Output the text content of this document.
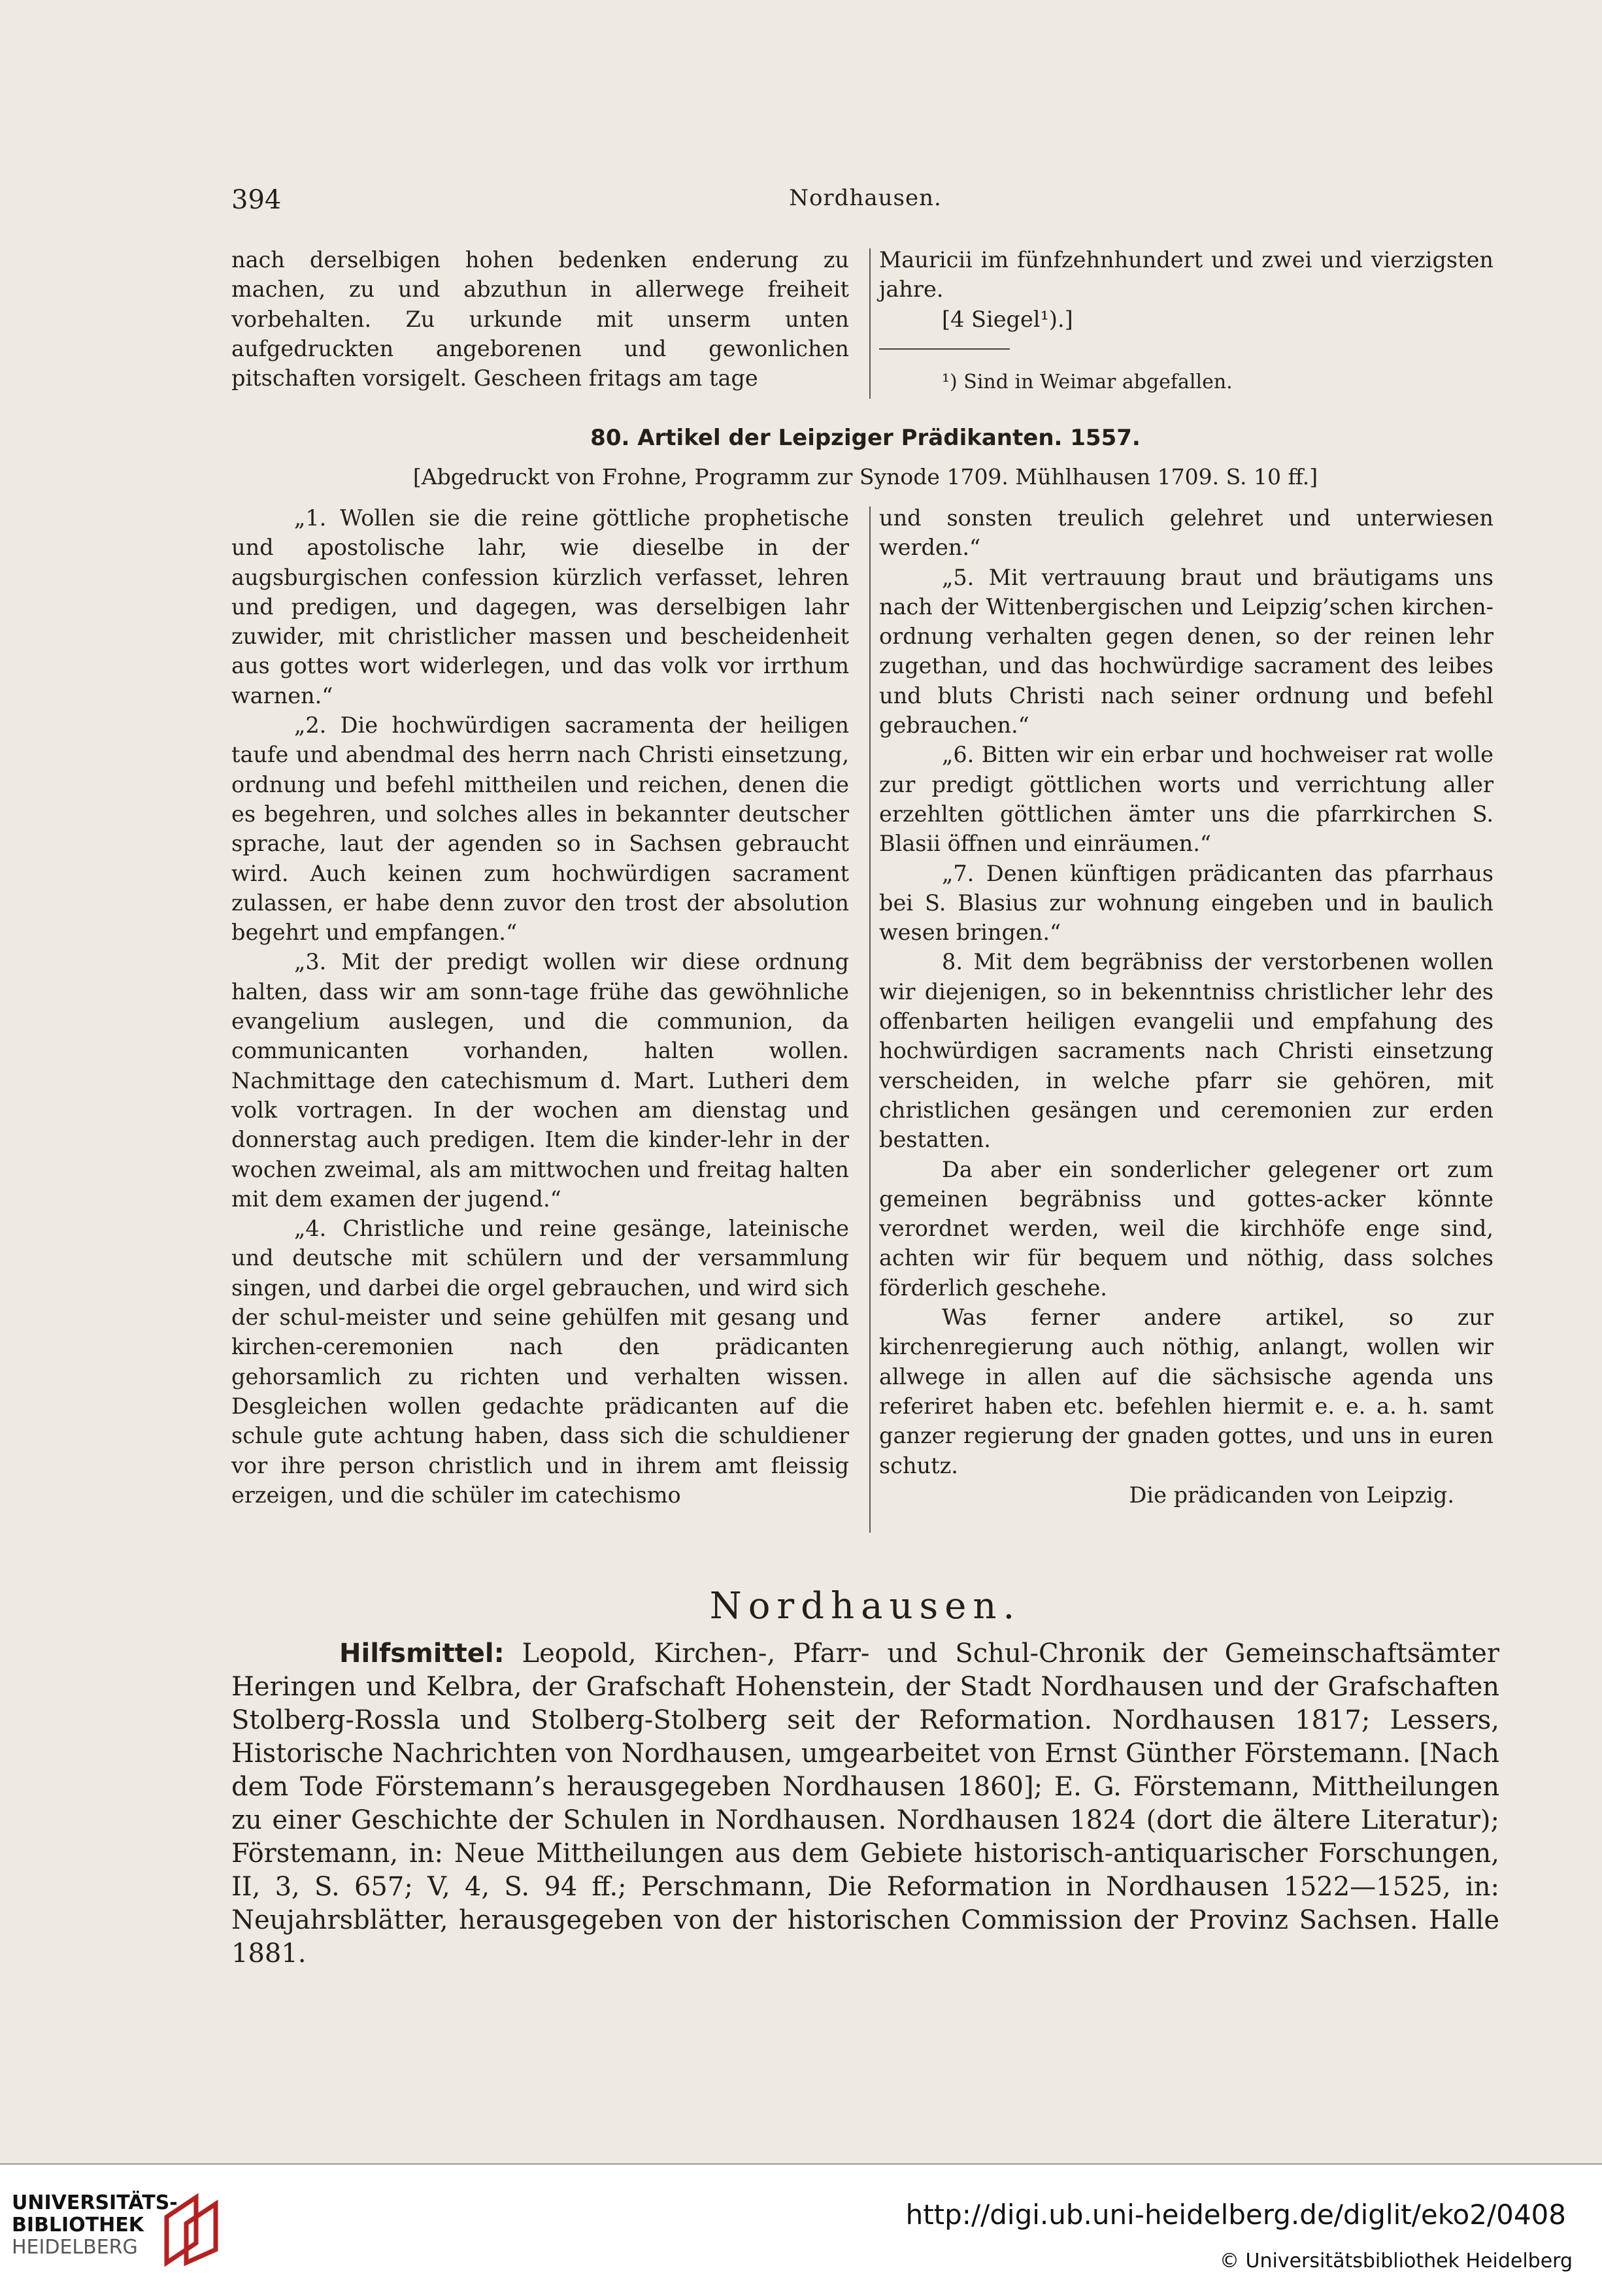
394	Nordhausen.

nach derselbigen hohen bedenken enderung zu machen, zu und abzuthun in allerwege freiheit vorbehalten. Zu urkunde mit unserm unten aufgedruckten angeborenen und gewonlichen pitschaften vorsigelt. Gescheen fritags am tage

Mauricii im fünfzehnhundert und zwei und vierzigsten jahre.

[4 Siegel¹).]

¹) Sind in Weimar abgefallen.

80. Artikel der Leipziger Prädikanten. 1557.
[Abgedruckt von Frohne, Programm zur Synode 1709. Mühlhausen 1709. S. 10 ff.]

„1. Wollen sie die reine göttliche prophetische und apostolische lahr, wie dieselbe in der augsburgischen confession kürzlich verfasset, lehren und predigen, und dagegen, was derselbigen lahr zuwider, mit christlicher massen und bescheidenheit aus gottes wort widerlegen, und das volk vor irrthum warnen.“

„2. Die hochwürdigen sacramenta der heiligen taufe und abendmal des herrn nach Christi einsetzung, ordnung und befehl mittheilen und reichen, denen die es begehren, und solches alles in bekannter deutscher sprache, laut der agenden so in Sachsen gebraucht wird. Auch keinen zum hochwürdigen sacrament zulassen, er habe denn zuvor den trost der absolution begehrt und empfangen.“

„3. Mit der predigt wollen wir diese ordnung halten, dass wir am sonn-tage frühe das gewöhnliche evangelium auslegen, und die communion, da communicanten vorhanden, halten wollen. Nachmittage den catechismum d. Mart. Lutheri dem volk vortragen. In der wochen am dienstag und donnerstag auch predigen. Item die kinder-lehr in der wochen zweimal, als am mittwochen und freitag halten mit dem examen der jugend.“

„4. Christliche und reine gesänge, lateinische und deutsche mit schülern und der versammlung singen, und darbei die orgel gebrauchen, und wird sich der schul-meister und seine gehülfen mit gesang und kirchen-ceremonien nach den prädicanten gehorsamlich zu richten und verhalten wissen. Desgleichen wollen gedachte prädicanten auf die schule gute achtung haben, dass sich die schuldiener vor ihre person christlich und in ihrem amt fleissig erzeigen, und die schüler im catechismo

und sonsten treulich gelehret und unterwiesen werden.“

„5. Mit vertrauung braut und bräutigams uns nach der Wittenbergischen und Leipzig’schen kirchen-ordnung verhalten gegen denen, so der reinen lehr zugethan, und das hochwürdige sacrament des leibes und bluts Christi nach seiner ordnung und befehl gebrauchen.“

„6. Bitten wir ein erbar und hochweiser rat wolle zur predigt göttlichen worts und verrichtung aller erzehlten göttlichen ämter uns die pfarrkirchen S. Blasii öffnen und einräumen.“

„7. Denen künftigen prädicanten das pfarrhaus bei S. Blasius zur wohnung eingeben und in baulich wesen bringen.“

8. Mit dem begräbniss der verstorbenen wollen wir diejenigen, so in bekenntniss christlicher lehr des offenbarten heiligen evangelii und empfahung des hochwürdigen sacraments nach Christi einsetzung verscheiden, in welche pfarr sie gehören, mit christlichen gesängen und ceremonien zur erden bestatten.

Da aber ein sonderlicher gelegener ort zum gemeinen begräbniss und gottes-acker könnte verordnet werden, weil die kirchhöfe enge sind, achten wir für bequem und nöthig, dass solches förderlich geschehe.

Was ferner andere artikel, so zur kirchenregierung auch nöthig, anlangt, wollen wir allwege in allen auf die sächsische agenda uns referiret haben etc. befehlen hiermit e. e. a. h. samt ganzer regierung der gnaden gottes, und uns in euren schutz.

Die prädicanden von Leipzig.

Nordhausen.

Hilfsmittel: Leopold, Kirchen-, Pfarr- und Schul-Chronik der Gemeinschaftsämter Heringen und Kelbra, der Grafschaft Hohenstein, der Stadt Nordhausen und der Grafschaften Stolberg-Rossla und Stolberg-Stolberg seit der Reformation. Nordhausen 1817; Lessers, Historische Nachrichten von Nordhausen, umgearbeitet von Ernst Günther Förstemann. [Nach dem Tode Förstemann’s herausgegeben Nordhausen 1860]; E. G. Förstemann, Mittheilungen zu einer Geschichte der Schulen in Nordhausen. Nordhausen 1824 (dort die ältere Literatur); Förstemann, in: Neue Mittheilungen aus dem Gebiete historisch-antiquarischer Forschungen, II, 3, S. 657; V, 4, S. 94 ff.; Perschmann, Die Reformation in Nordhausen 1522—1525, in: Neujahrsblätter, herausgegeben von der historischen Commission der Provinz Sachsen. Halle 1881.

UNIVERSITÄTS-
BIBLIOTHEK
HEIDELBERG
http://digi.ub.uni-heidelberg.de/diglit/eko2/0408
© Universitätsbibliothek Heidelberg
